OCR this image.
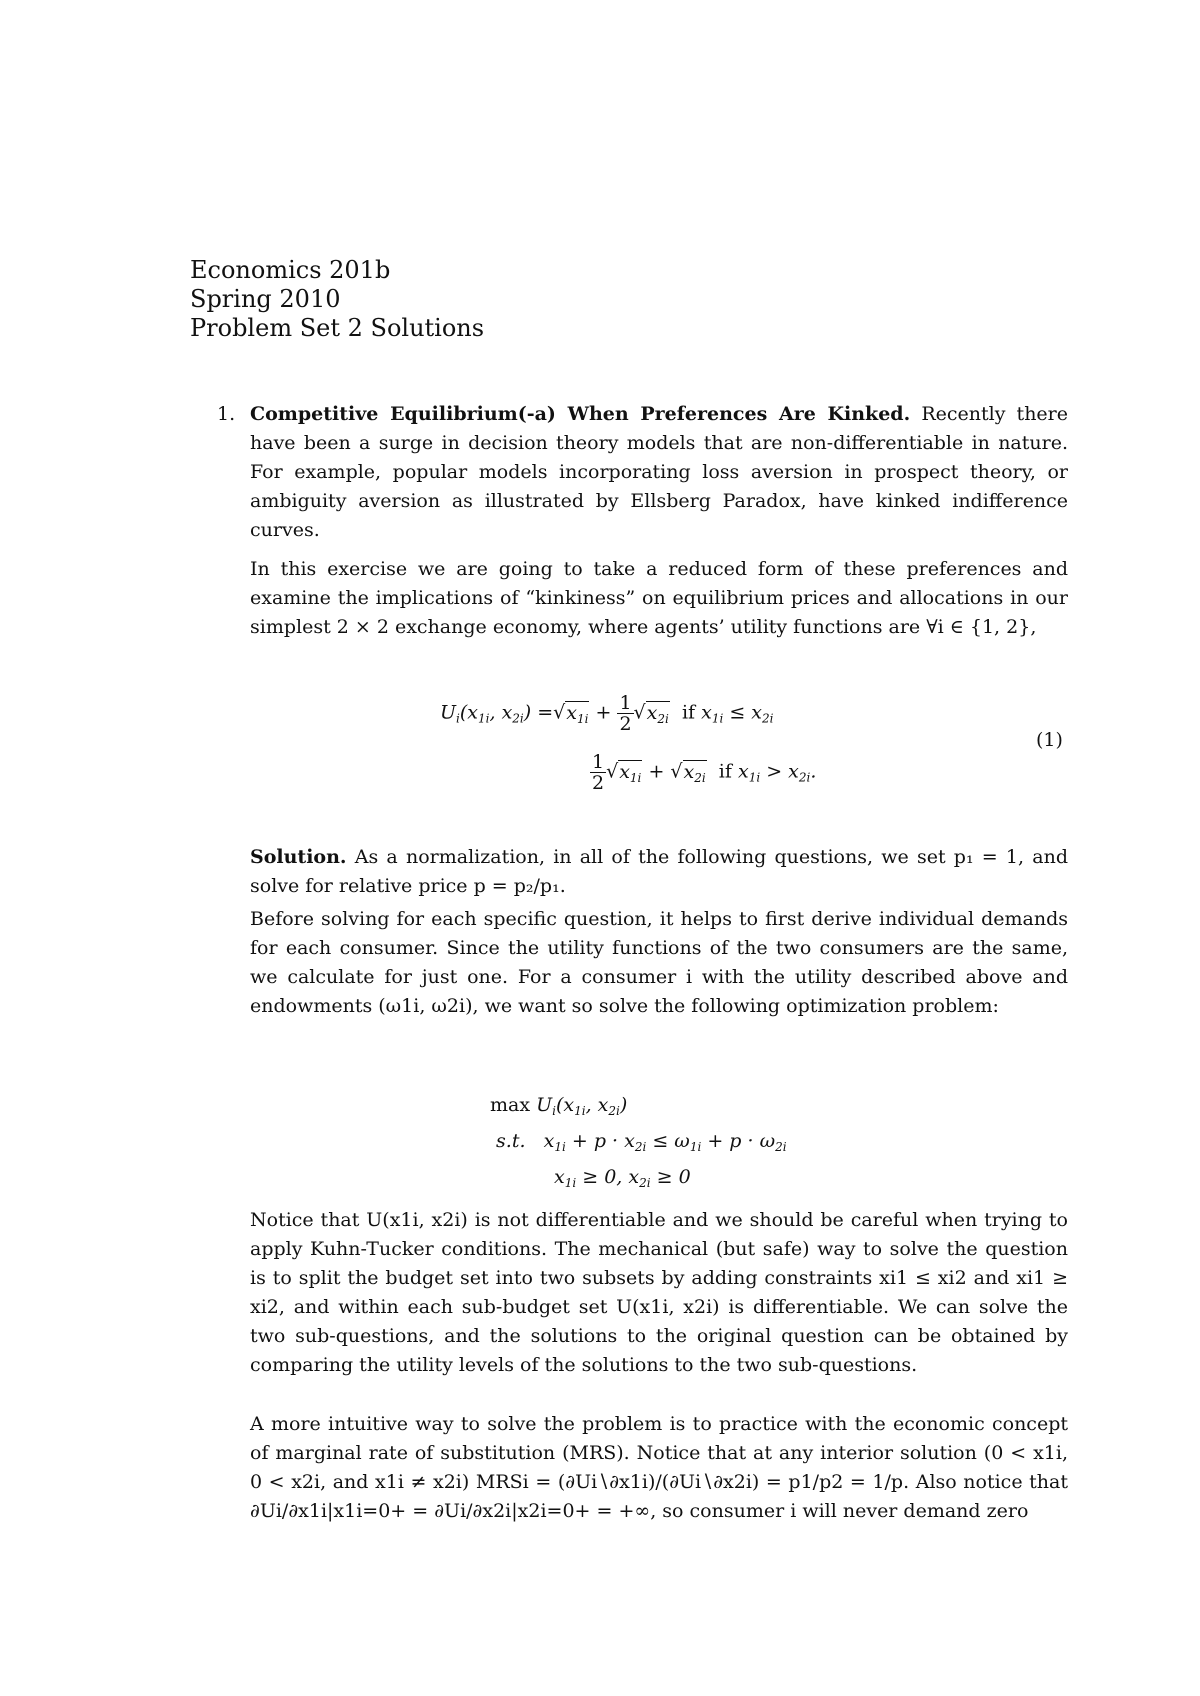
Economics 201b
Spring 2010
Problem Set 2 Solutions
1. Competitive Equilibrium(-a) When Preferences Are Kinked. Recently there have been a surge in decision theory models that are non-differentiable in nature. For example, popular models incorporating loss aversion in prospect theory, or ambiguity aversion as illustrated by Ellsberg Paradox, have kinked indifference curves.

In this exercise we are going to take a reduced form of these preferences and examine the implications of “kinkiness” on equilibrium prices and allocations in our simplest 2 × 2 exchange economy, where agents’ utility functions are ∀i ∈ {1, 2},

$U_i(x_{1i}$, $x_{2i}) =√x_{1i} + \frac{1}{2} √x_{2i}$  if $x_{1i} \le x_{2i}$
$\frac{1}{2} √x_{1i} + √x_{2i}$  if $x_{1i} > x_{2i}$.
(1)

Solution. As a normalization, in all of the following questions, we set p₁ = 1, and solve for relative price p = p₂/p₁.

Before solving for each specific question, it helps to first derive individual demands for each consumer. Since the utility functions of the two consumers are the same, we calculate for just one. For a consumer i with the utility described above and endowments (ω1i, ω2i), we want so solve the following optimization problem:

$\max U_i(x_{1i}$, $x_{2i}$)
s.t.   $x_{1i} + p \cdot x_{2i} \le \omega_{1i} + p \cdot \omega_{2i}$
$x_{1i} \ge 0$, $x_{2i} \ge 0$

Notice that U(x1i, x2i) is not differentiable and we should be careful when trying to apply Kuhn-Tucker conditions. The mechanical (but safe) way to solve the question is to split the budget set into two subsets by adding constraints xi1 ≤ xi2 and xi1 ≥ xi2, and within each sub-budget set U(x1i, x2i) is differentiable. We can solve the two sub-questions, and the solutions to the original question can be obtained by comparing the utility levels of the solutions to the two sub-questions.

A more intuitive way to solve the problem is to practice with the economic concept of marginal rate of substitution (MRS). Notice that at any interior solution (0 < x1i, 0 < x2i, and x1i ≠ x2i) MRSi = (∂Ui∖∂x1i)/(∂Ui∖∂x2i) = p1/p2 = 1/p. Also notice that ∂Ui/∂x1i|x1i=0+ = ∂Ui/∂x2i|x2i=0+ = +∞, so consumer i will never demand zero
